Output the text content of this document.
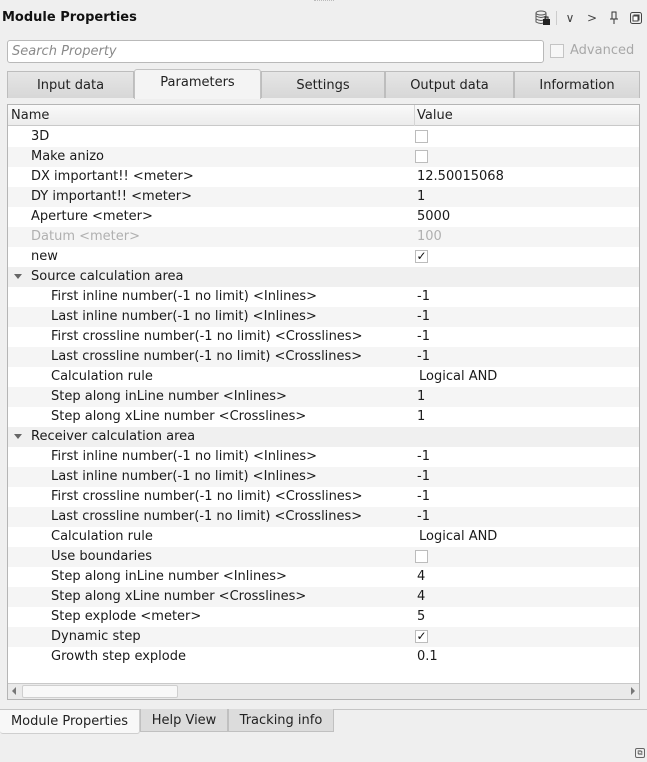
Module Properties	∨	>
Search Property
Advanced
Input data	Parameters	Settings	Output data	Information
Name	Value
3D
Make anizo
DX important!! <meter>	12.50015068
DY important!! <meter>	1
Aperture <meter>	5000
Datum <meter>	100
new	✓
Source calculation area
First inline number(-1 no limit) <Inlines>	-1
Last inline number(-1 no limit) <Inlines>	-1
First crossline number(-1 no limit) <Crosslines>	-1
Last crossline number(-1 no limit) <Crosslines>	-1
Calculation rule	Logical AND
Step along inLine number <Inlines>	1
Step along xLine number <Crosslines>	1
Receiver calculation area
First inline number(-1 no limit) <Inlines>	-1
Last inline number(-1 no limit) <Inlines>	-1
First crossline number(-1 no limit) <Crosslines>	-1
Last crossline number(-1 no limit) <Crosslines>	-1
Calculation rule	Logical AND
Use boundaries
Step along inLine number <Inlines>	4
Step along xLine number <Crosslines>	4
Step explode <meter>	5
Dynamic step	✓
Growth step explode	0.1
Module Properties	Help View	Tracking info
⧉
